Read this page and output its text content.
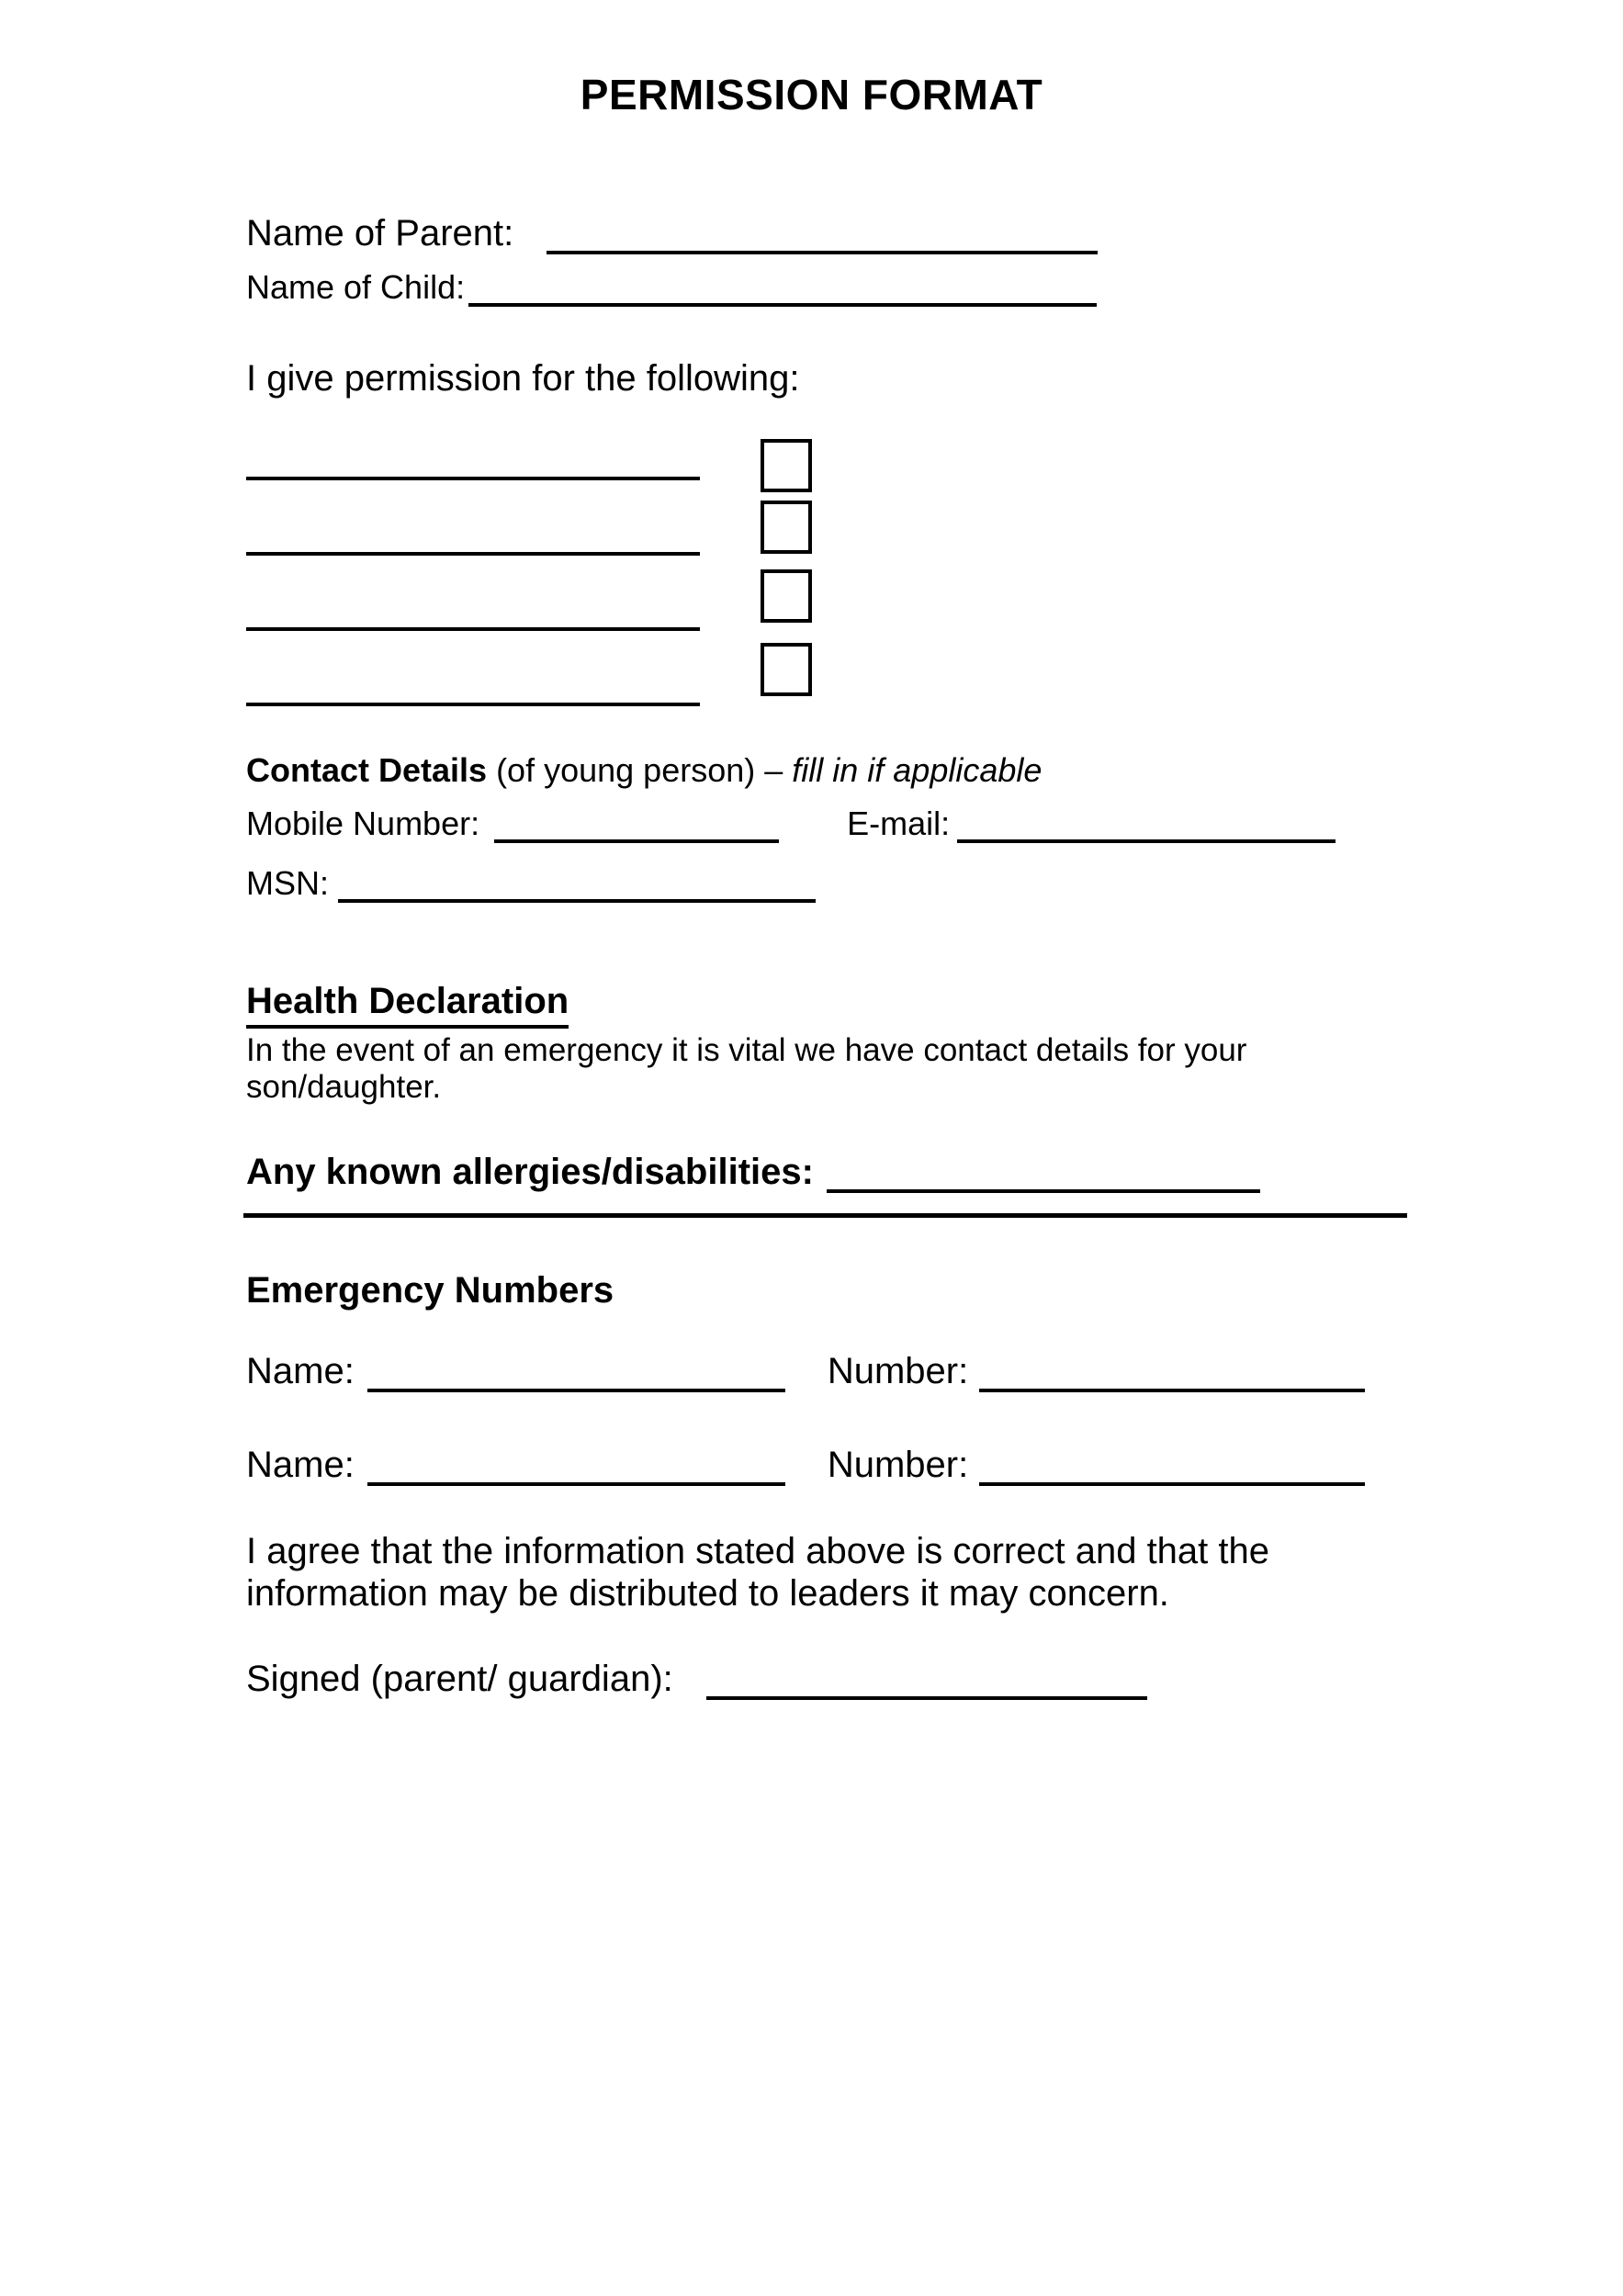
PERMISSION FORMAT
Name of Parent:
Name of Child:
I give permission for the following:
Contact Details (of young person) – fill in if applicable
Mobile Number:	E-mail:
MSN:
Health Declaration
In the event of an emergency it is vital we have contact details for your
son/daughter.
Any known allergies/disabilities:
Emergency Numbers
Name:	Number:
Name:	Number:
I agree that the information stated above is correct and that the
information may be distributed to leaders it may concern.
Signed (parent/ guardian):
